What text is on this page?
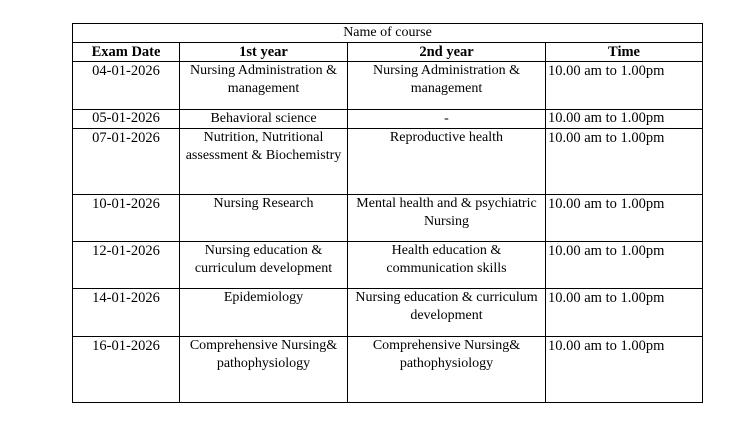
Name of course			
Exam Date	1st year	2nd year	Time
04-01-2026	Nursing Administration & management	Nursing Administration & management	10.00 am to 1.00pm
05-01-2026	Behavioral science	-	10.00 am to 1.00pm
07-01-2026	Nutrition, Nutritional assessment & Biochemistry	Reproductive health	10.00 am to 1.00pm
10-01-2026	Nursing Research	Mental health and & psychiatric Nursing	10.00 am to 1.00pm
12-01-2026	Nursing education & curriculum development	Health education & communication skills	10.00 am to 1.00pm
14-01-2026	Epidemiology	Nursing education & curriculum development	10.00 am to 1.00pm
16-01-2026	Comprehensive Nursing& pathophysiology	Comprehensive Nursing& pathophysiology	10.00 am to 1.00pm
